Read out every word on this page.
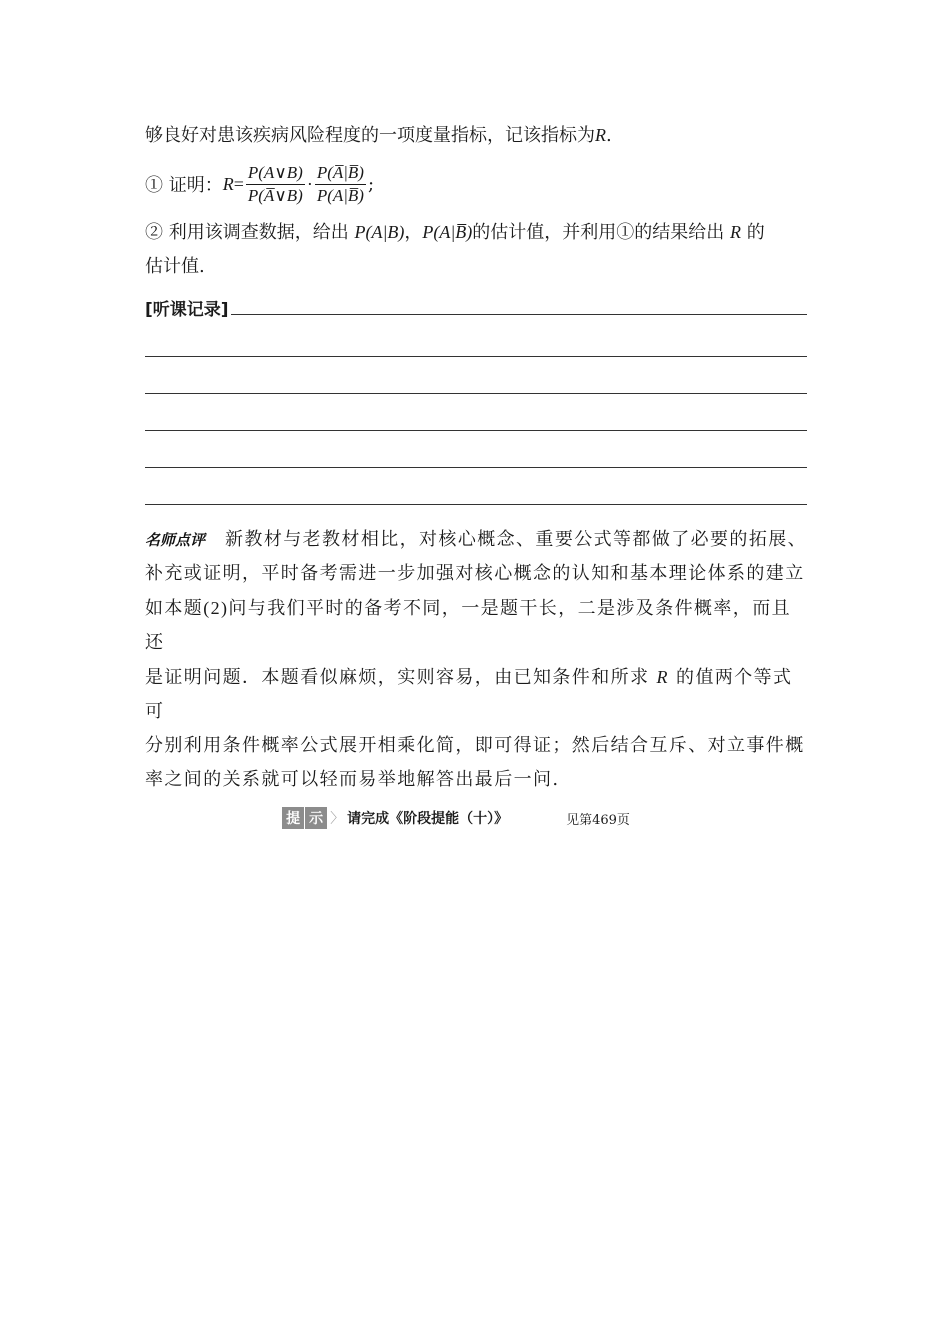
够良好对患该疾病风险程度的一项度量指标，记该指标为R.
① 证明： $R = \frac{P(A\vee B)}{P(A̅\vee B)} \cdot \frac{P(A̅|B̅)}{P(A|B̅)}$ ;
② 利用该调查数据，给出 P(A|B)，P(A|B̅)的估计值，并利用①的结果给出 R 的
估计值.
[听课记录]
名师点评 新教材与老教材相比，对核心概念、重要公式等都做了必要的拓展、
补充或证明，平时备考需进一步加强对核心概念的认知和基本理论体系的建立
如本题(2)问与我们平时的备考不同，一是题干长，二是涉及条件概率，而且还
是证明问题．本题看似麻烦，实则容易，由已知条件和所求 R 的值两个等式可
分别利用条件概率公式展开相乘化简，即可得证；然后结合互斥、对立事件概
率之间的关系就可以轻而易举地解答出最后一问.
提 示 〉 请完成《阶段提能（十）》	见第469页
